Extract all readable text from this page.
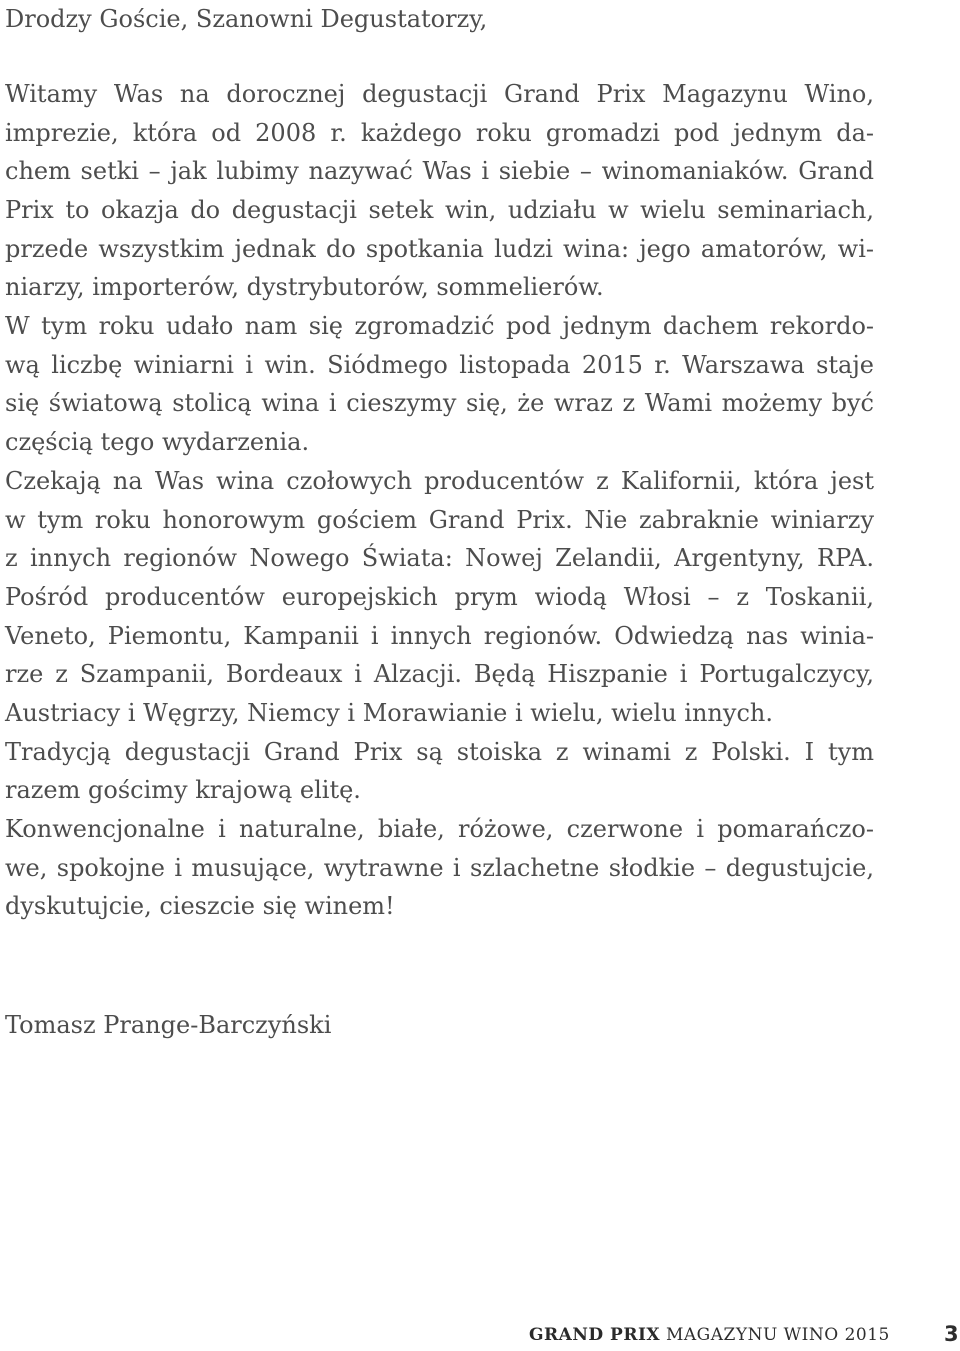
Drodzy Goście, Szanowni Degustatorzy,
Witamy Was na dorocznej degustacji Grand Prix Magazynu Wino,
imprezie, która od 2008 r. każdego roku gromadzi pod jednym da-
chem setki – jak lubimy nazywać Was i siebie – winomaniaków. Grand
Prix to okazja do degustacji setek win, udziału w wielu seminariach,
przede wszystkim jednak do spotkania ludzi wina: jego amatorów, wi-
niarzy, importerów, dystrybutorów, sommelierów.
W tym roku udało nam się zgromadzić pod jednym dachem rekordo-
wą liczbę winiarni i win. Siódmego listopada 2015 r. Warszawa staje
się światową stolicą wina i cieszymy się, że wraz z Wami możemy być
częścią tego wydarzenia.
Czekają na Was wina czołowych producentów z Kalifornii, która jest
w tym roku honorowym gościem Grand Prix. Nie zabraknie winiarzy
z innych regionów Nowego Świata: Nowej Zelandii, Argentyny, RPA.
Pośród producentów europejskich prym wiodą Włosi – z Toskanii,
Veneto, Piemontu, Kampanii i innych regionów. Odwiedzą nas winia-
rze z Szampanii, Bordeaux i Alzacji. Będą Hiszpanie i Portugalczycy,
Austriacy i Węgrzy, Niemcy i Morawianie i wielu, wielu innych.
Tradycją degustacji Grand Prix są stoiska z winami z Polski. I tym
razem gościmy krajową elitę.
Konwencjonalne i naturalne, białe, różowe, czerwone i pomarańczo-
we, spokojne i musujące, wytrawne i szlachetne słodkie – degustujcie,
dyskutujcie, cieszcie się winem!
Tomasz Prange-Barczyński
GRAND PRIX MAGAZYNU WINO 2015	3
